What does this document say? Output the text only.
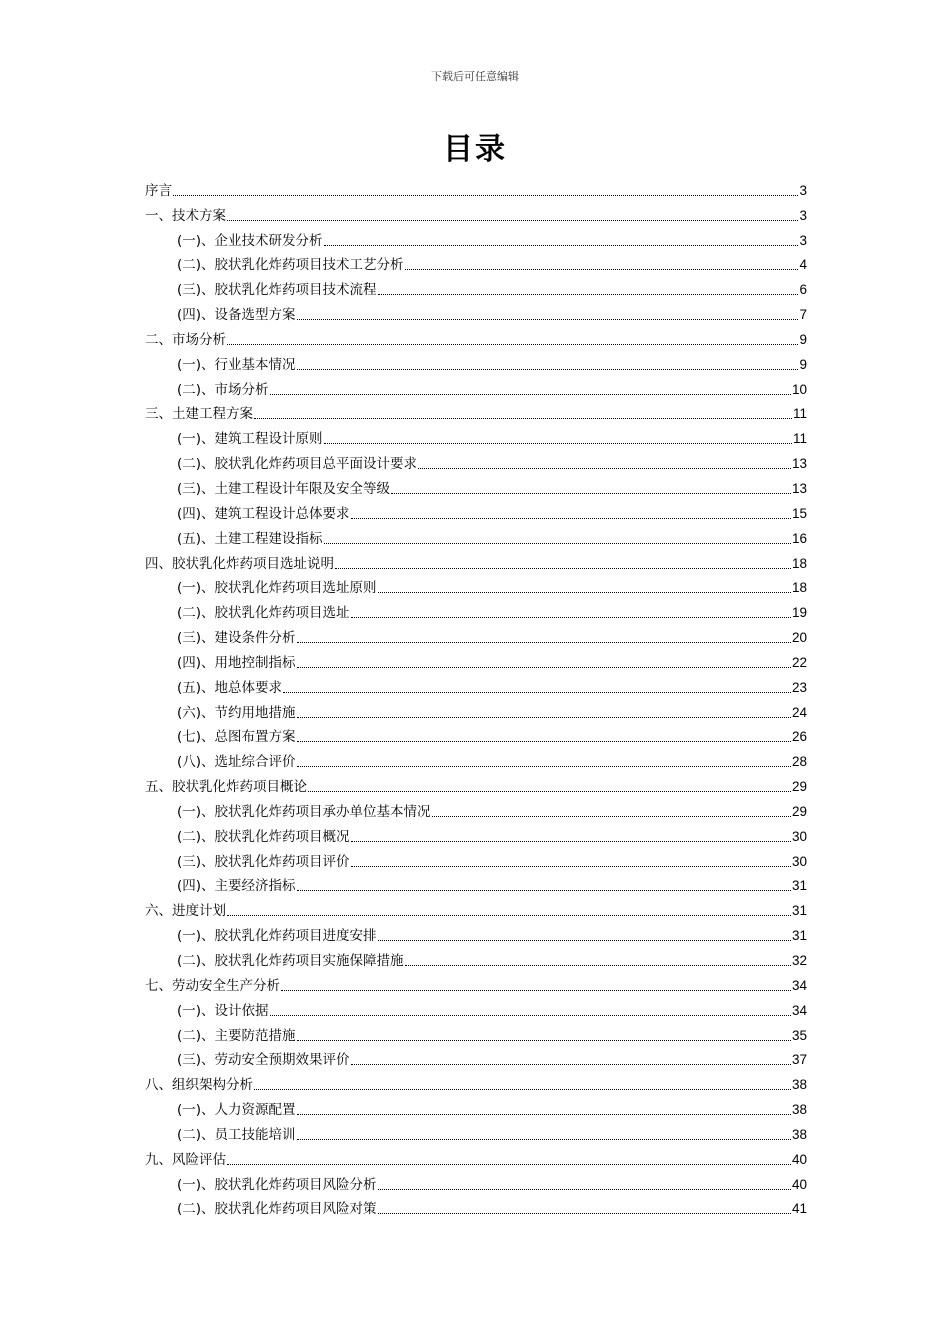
下载后可任意编辑
目录
序言	3
一、技术方案	3
(一)、企业技术研发分析	3
(二)、胶状乳化炸药项目技术工艺分析	4
(三)、胶状乳化炸药项目技术流程	6
(四)、设备选型方案	7
二、市场分析	9
(一)、行业基本情况	9
(二)、市场分析	10
三、土建工程方案	11
(一)、建筑工程设计原则	11
(二)、胶状乳化炸药项目总平面设计要求	13
(三)、土建工程设计年限及安全等级	13
(四)、建筑工程设计总体要求	15
(五)、土建工程建设指标	16
四、胶状乳化炸药项目选址说明	18
(一)、胶状乳化炸药项目选址原则	18
(二)、胶状乳化炸药项目选址	19
(三)、建设条件分析	20
(四)、用地控制指标	22
(五)、地总体要求	23
(六)、节约用地措施	24
(七)、总图布置方案	26
(八)、选址综合评价	28
五、胶状乳化炸药项目概论	29
(一)、胶状乳化炸药项目承办单位基本情况	29
(二)、胶状乳化炸药项目概况	30
(三)、胶状乳化炸药项目评价	30
(四)、主要经济指标	31
六、进度计划	31
(一)、胶状乳化炸药项目进度安排	31
(二)、胶状乳化炸药项目实施保障措施	32
七、劳动安全生产分析	34
(一)、设计依据	34
(二)、主要防范措施	35
(三)、劳动安全预期效果评价	37
八、组织架构分析	38
(一)、人力资源配置	38
(二)、员工技能培训	38
九、风险评估	40
(一)、胶状乳化炸药项目风险分析	40
(二)、胶状乳化炸药项目风险对策	41
